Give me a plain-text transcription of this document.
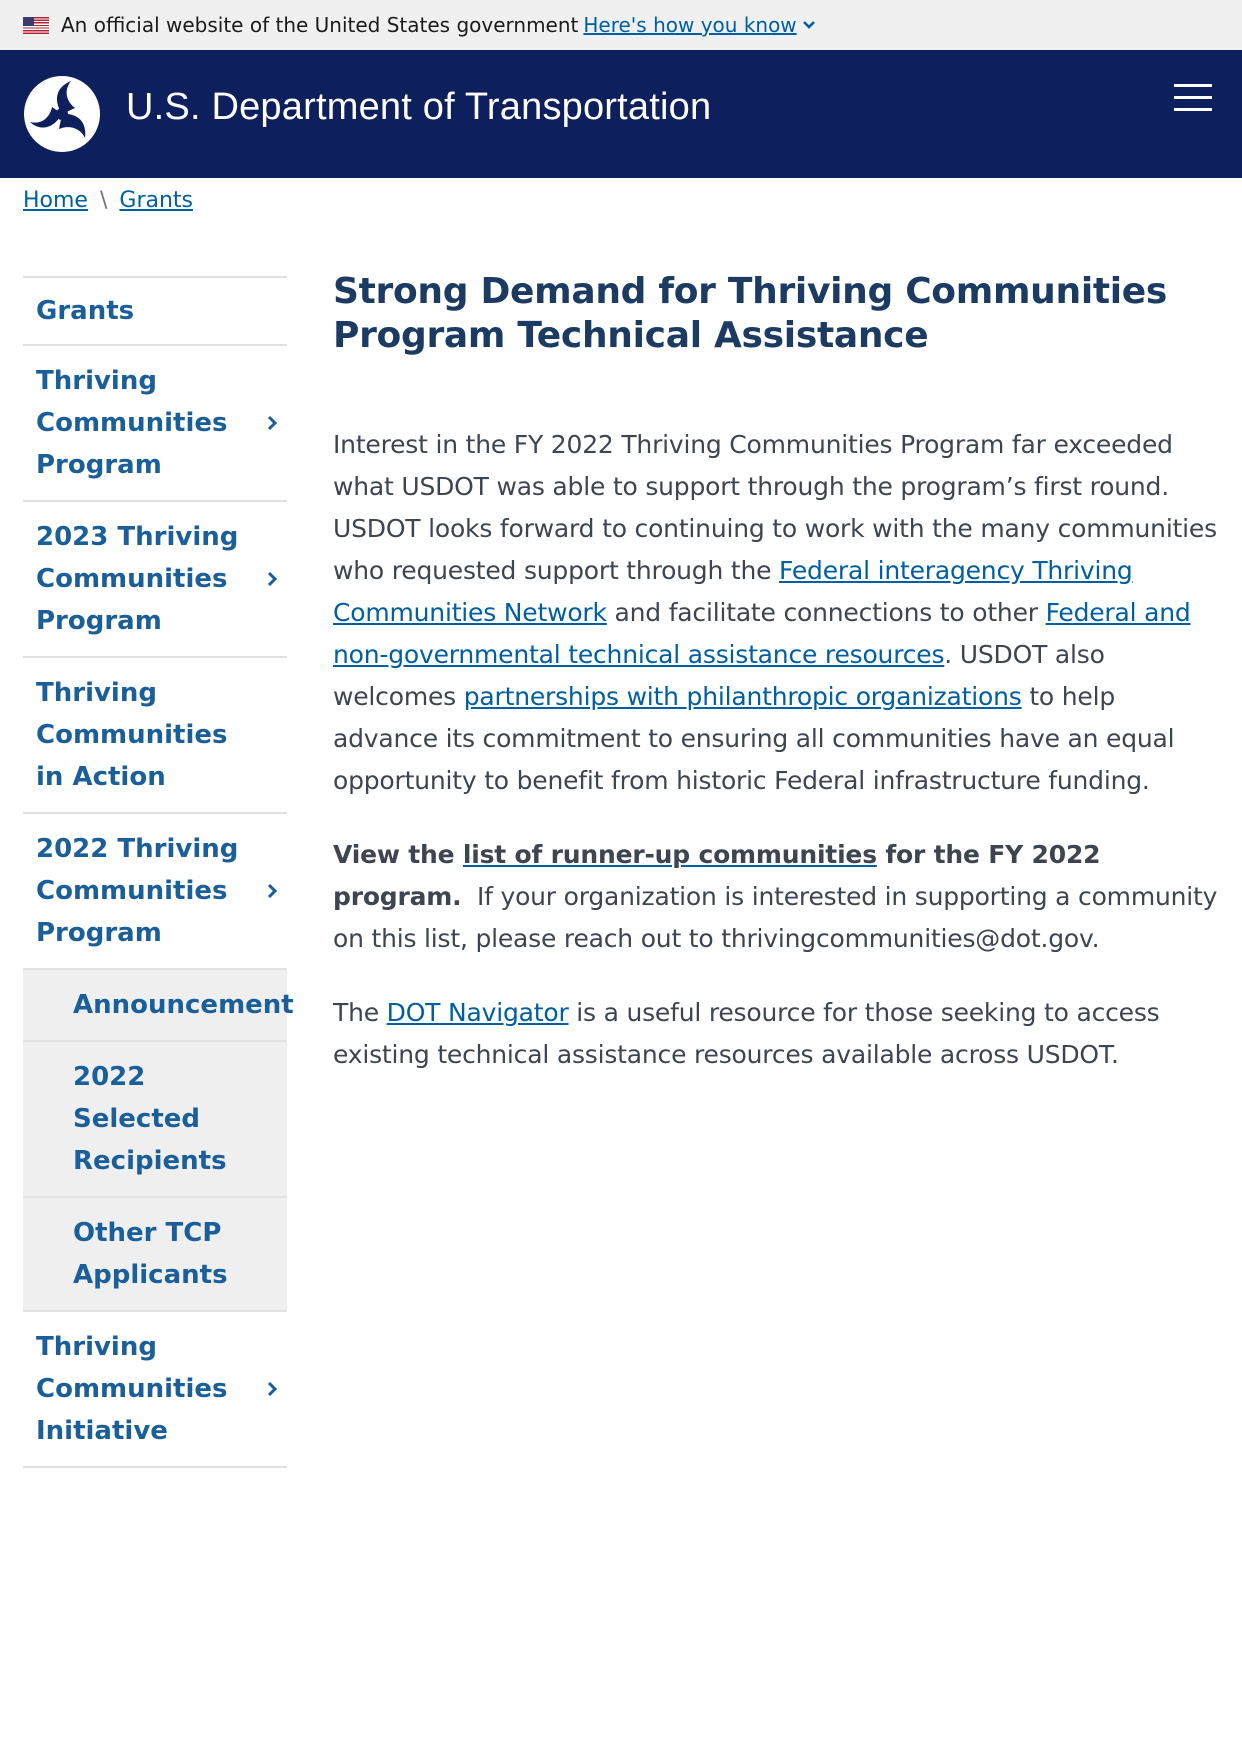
An official website of the United States government Here's how you know
U.S. Department of Transportation
Home \ Grants
Grants
Thriving Communities Program
2023 Thriving Communities Program
Thriving Communities in Action
2022 Thriving Communities Program
Announcement
2022 Selected Recipients
Other TCP Applicants
Thriving Communities Initiative
Strong Demand for Thriving Communities Program Technical Assistance

Interest in the FY 2022 Thriving Communities Program far exceeded what USDOT was able to support through the program’s first round. USDOT looks forward to continuing to work with the many communities who requested support through the Federal interagency Thriving Communities Network and facilitate connections to other Federal and non-governmental technical assistance resources. USDOT also welcomes partnerships with philanthropic organizations to help advance its commitment to ensuring all communities have an equal opportunity to benefit from historic Federal infrastructure funding.

View the list of runner-up communities for the FY 2022 program.  If your organization is interested in supporting a community on this list, please reach out to thrivingcommunities@dot.gov.

The DOT Navigator is a useful resource for those seeking to access existing technical assistance resources available across USDOT.
